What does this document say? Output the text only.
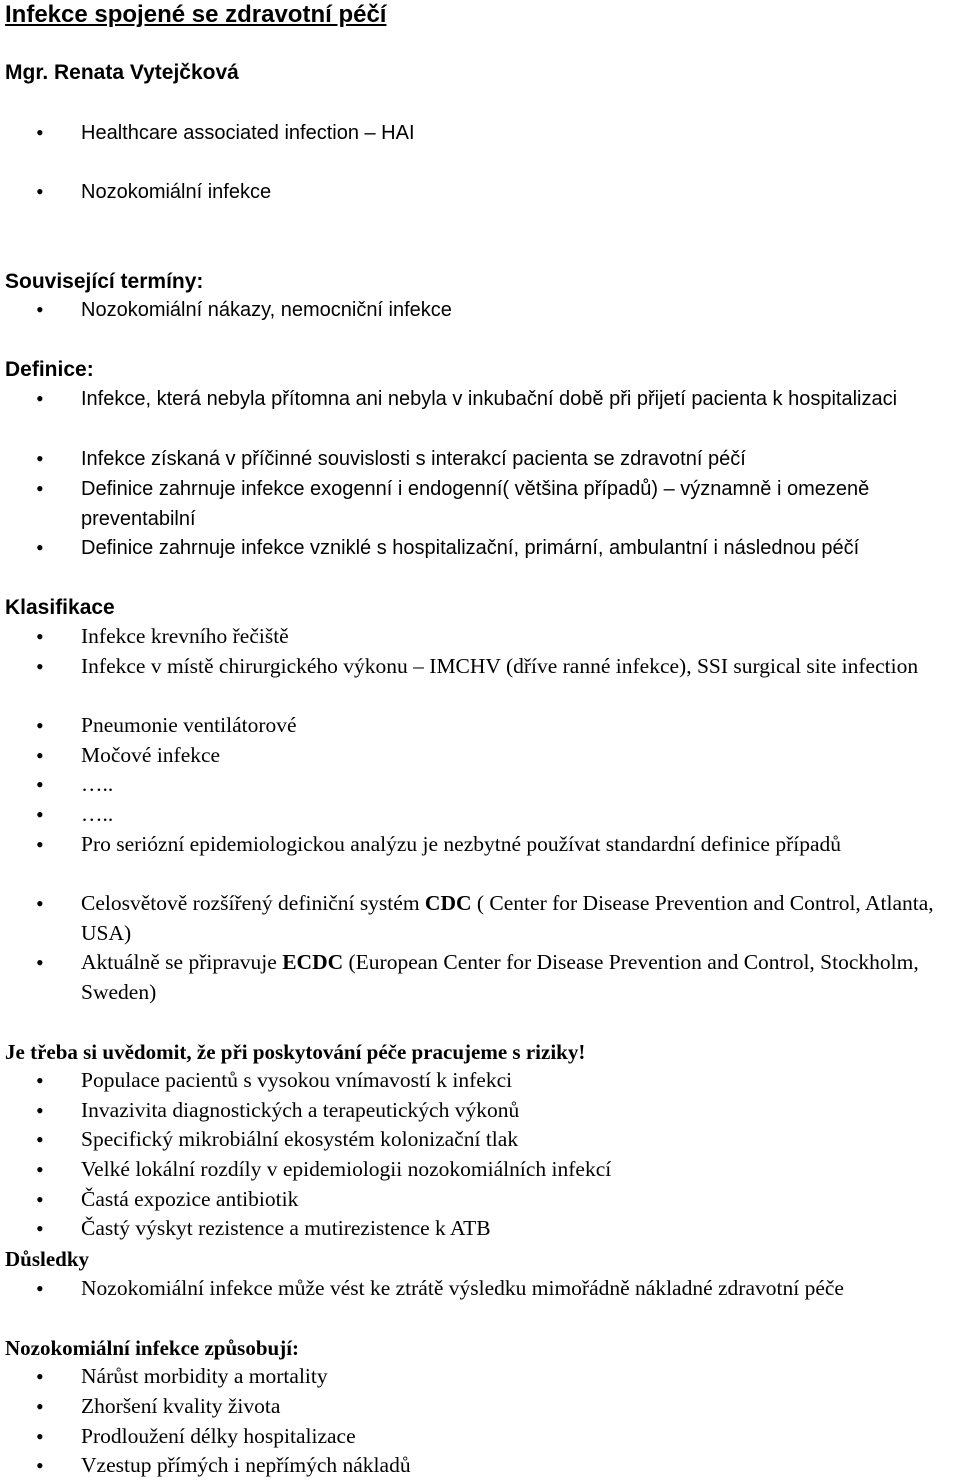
Infekce spojené se zdravotní péčí
Mgr. Renata Vytejčková
• Healthcare associated infection – HAI
• Nozokomiální infekce
Související termíny:
• Nozokomiální nákazy, nemocniční infekce
Definice:
• Infekce, která nebyla přítomna ani nebyla v inkubační době při přijetí pacienta k hospitalizaci
• Infekce získaná v příčinné souvislosti s interakcí pacienta se zdravotní péčí
• Definice zahrnuje infekce exogenní i endogenní( většina případů) – významně i omezeně preventabilní
• Definice zahrnuje infekce vzniklé s hospitalizační, primární, ambulantní i následnou péčí
Klasifikace
• Infekce krevního řečiště
• Infekce v místě chirurgického výkonu – IMCHV (dříve ranné infekce), SSI surgical site infection
• Pneumonie ventilátorové
• Močové infekce
• …..
• …..
• Pro seriózní epidemiologickou analýzu je nezbytné používat standardní definice případů
• Celosvětově rozšířený definiční systém CDC ( Center for Disease Prevention and Control, Atlanta, USA)
• Aktuálně se připravuje ECDC (European Center for Disease Prevention and Control, Stockholm, Sweden)
Je třeba si uvědomit, že při poskytování péče pracujeme s riziky!
• Populace pacientů s vysokou vnímavostí k infekci
• Invazivita diagnostických a terapeutických výkonů
• Specifický mikrobiální ekosystém kolonizační tlak
• Velké lokální rozdíly v epidemiologii nozokomiálních infekcí
• Častá expozice antibiotik
• Častý výskyt rezistence a mutirezistence k ATB
Důsledky
• Nozokomiální infekce může vést ke ztrátě výsledku mimořádně nákladné zdravotní péče
Nozokomiální infekce způsobují:
• Nárůst morbidity a mortality
• Zhoršení kvality života
• Prodloužení délky hospitalizace
• Vzestup přímých i nepřímých nákladů
